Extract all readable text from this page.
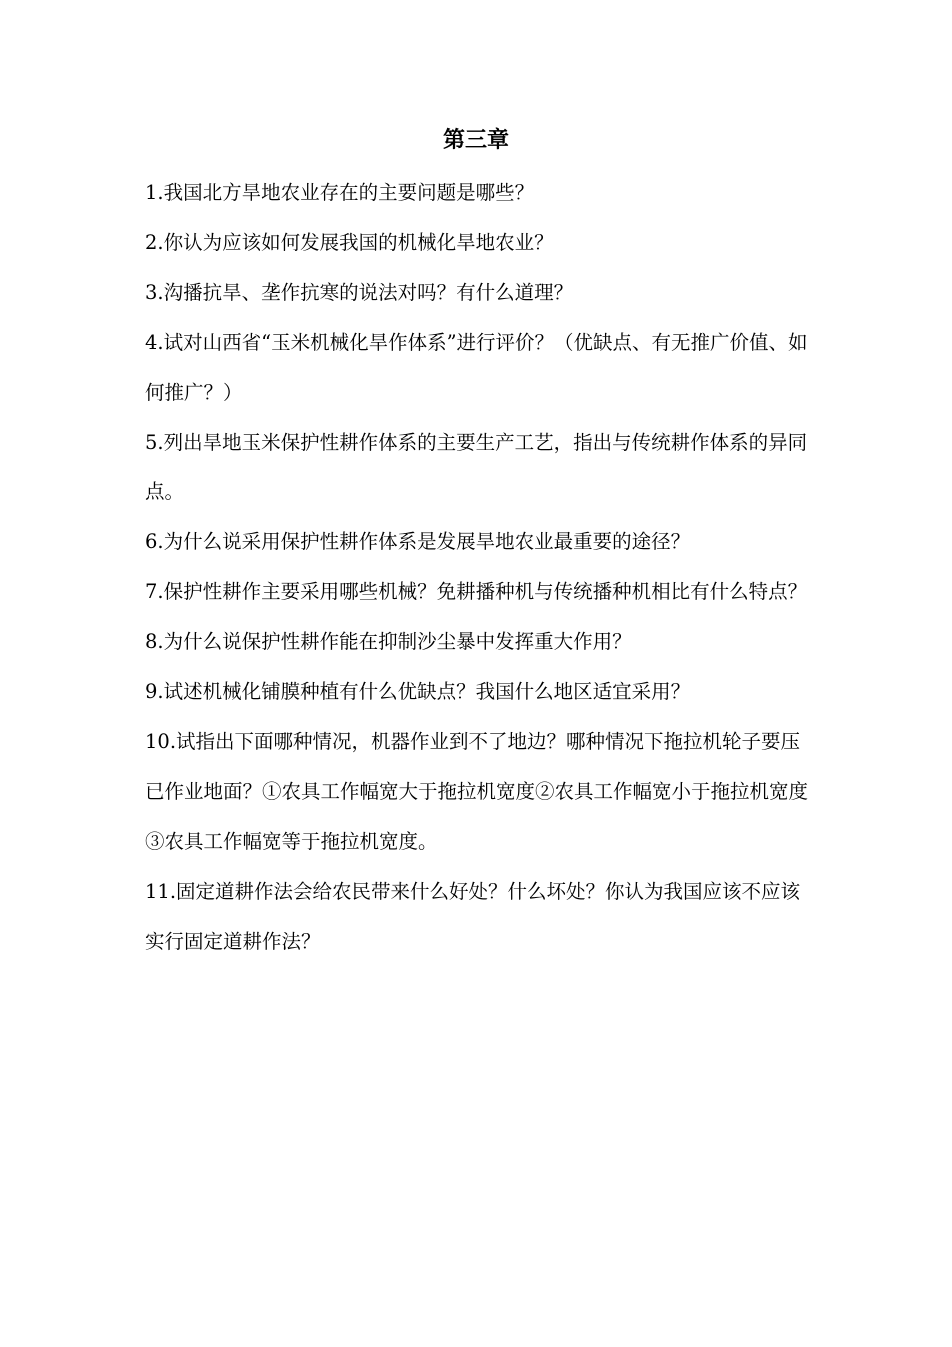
第三章
1.我国北方旱地农业存在的主要问题是哪些？
2.你认为应该如何发展我国的机械化旱地农业？
3.沟播抗旱、垄作抗寒的说法对吗？有什么道理？
4.试对山西省“玉米机械化旱作体系”进行评价？（优缺点、有无推广价值、如何推广？）
5.列出旱地玉米保护性耕作体系的主要生产工艺，指出与传统耕作体系的异同点。
6.为什么说采用保护性耕作体系是发展旱地农业最重要的途径？
7.保护性耕作主要采用哪些机械？免耕播种机与传统播种机相比有什么特点？
8.为什么说保护性耕作能在抑制沙尘暴中发挥重大作用？
9.试述机械化铺膜种植有什么优缺点？我国什么地区适宜采用？
10.试指出下面哪种情况，机器作业到不了地边？哪种情况下拖拉机轮子要压已作业地面？①农具工作幅宽大于拖拉机宽度②农具工作幅宽小于拖拉机宽度③农具工作幅宽等于拖拉机宽度。
11.固定道耕作法会给农民带来什么好处？什么坏处？你认为我国应该不应该实行固定道耕作法？
